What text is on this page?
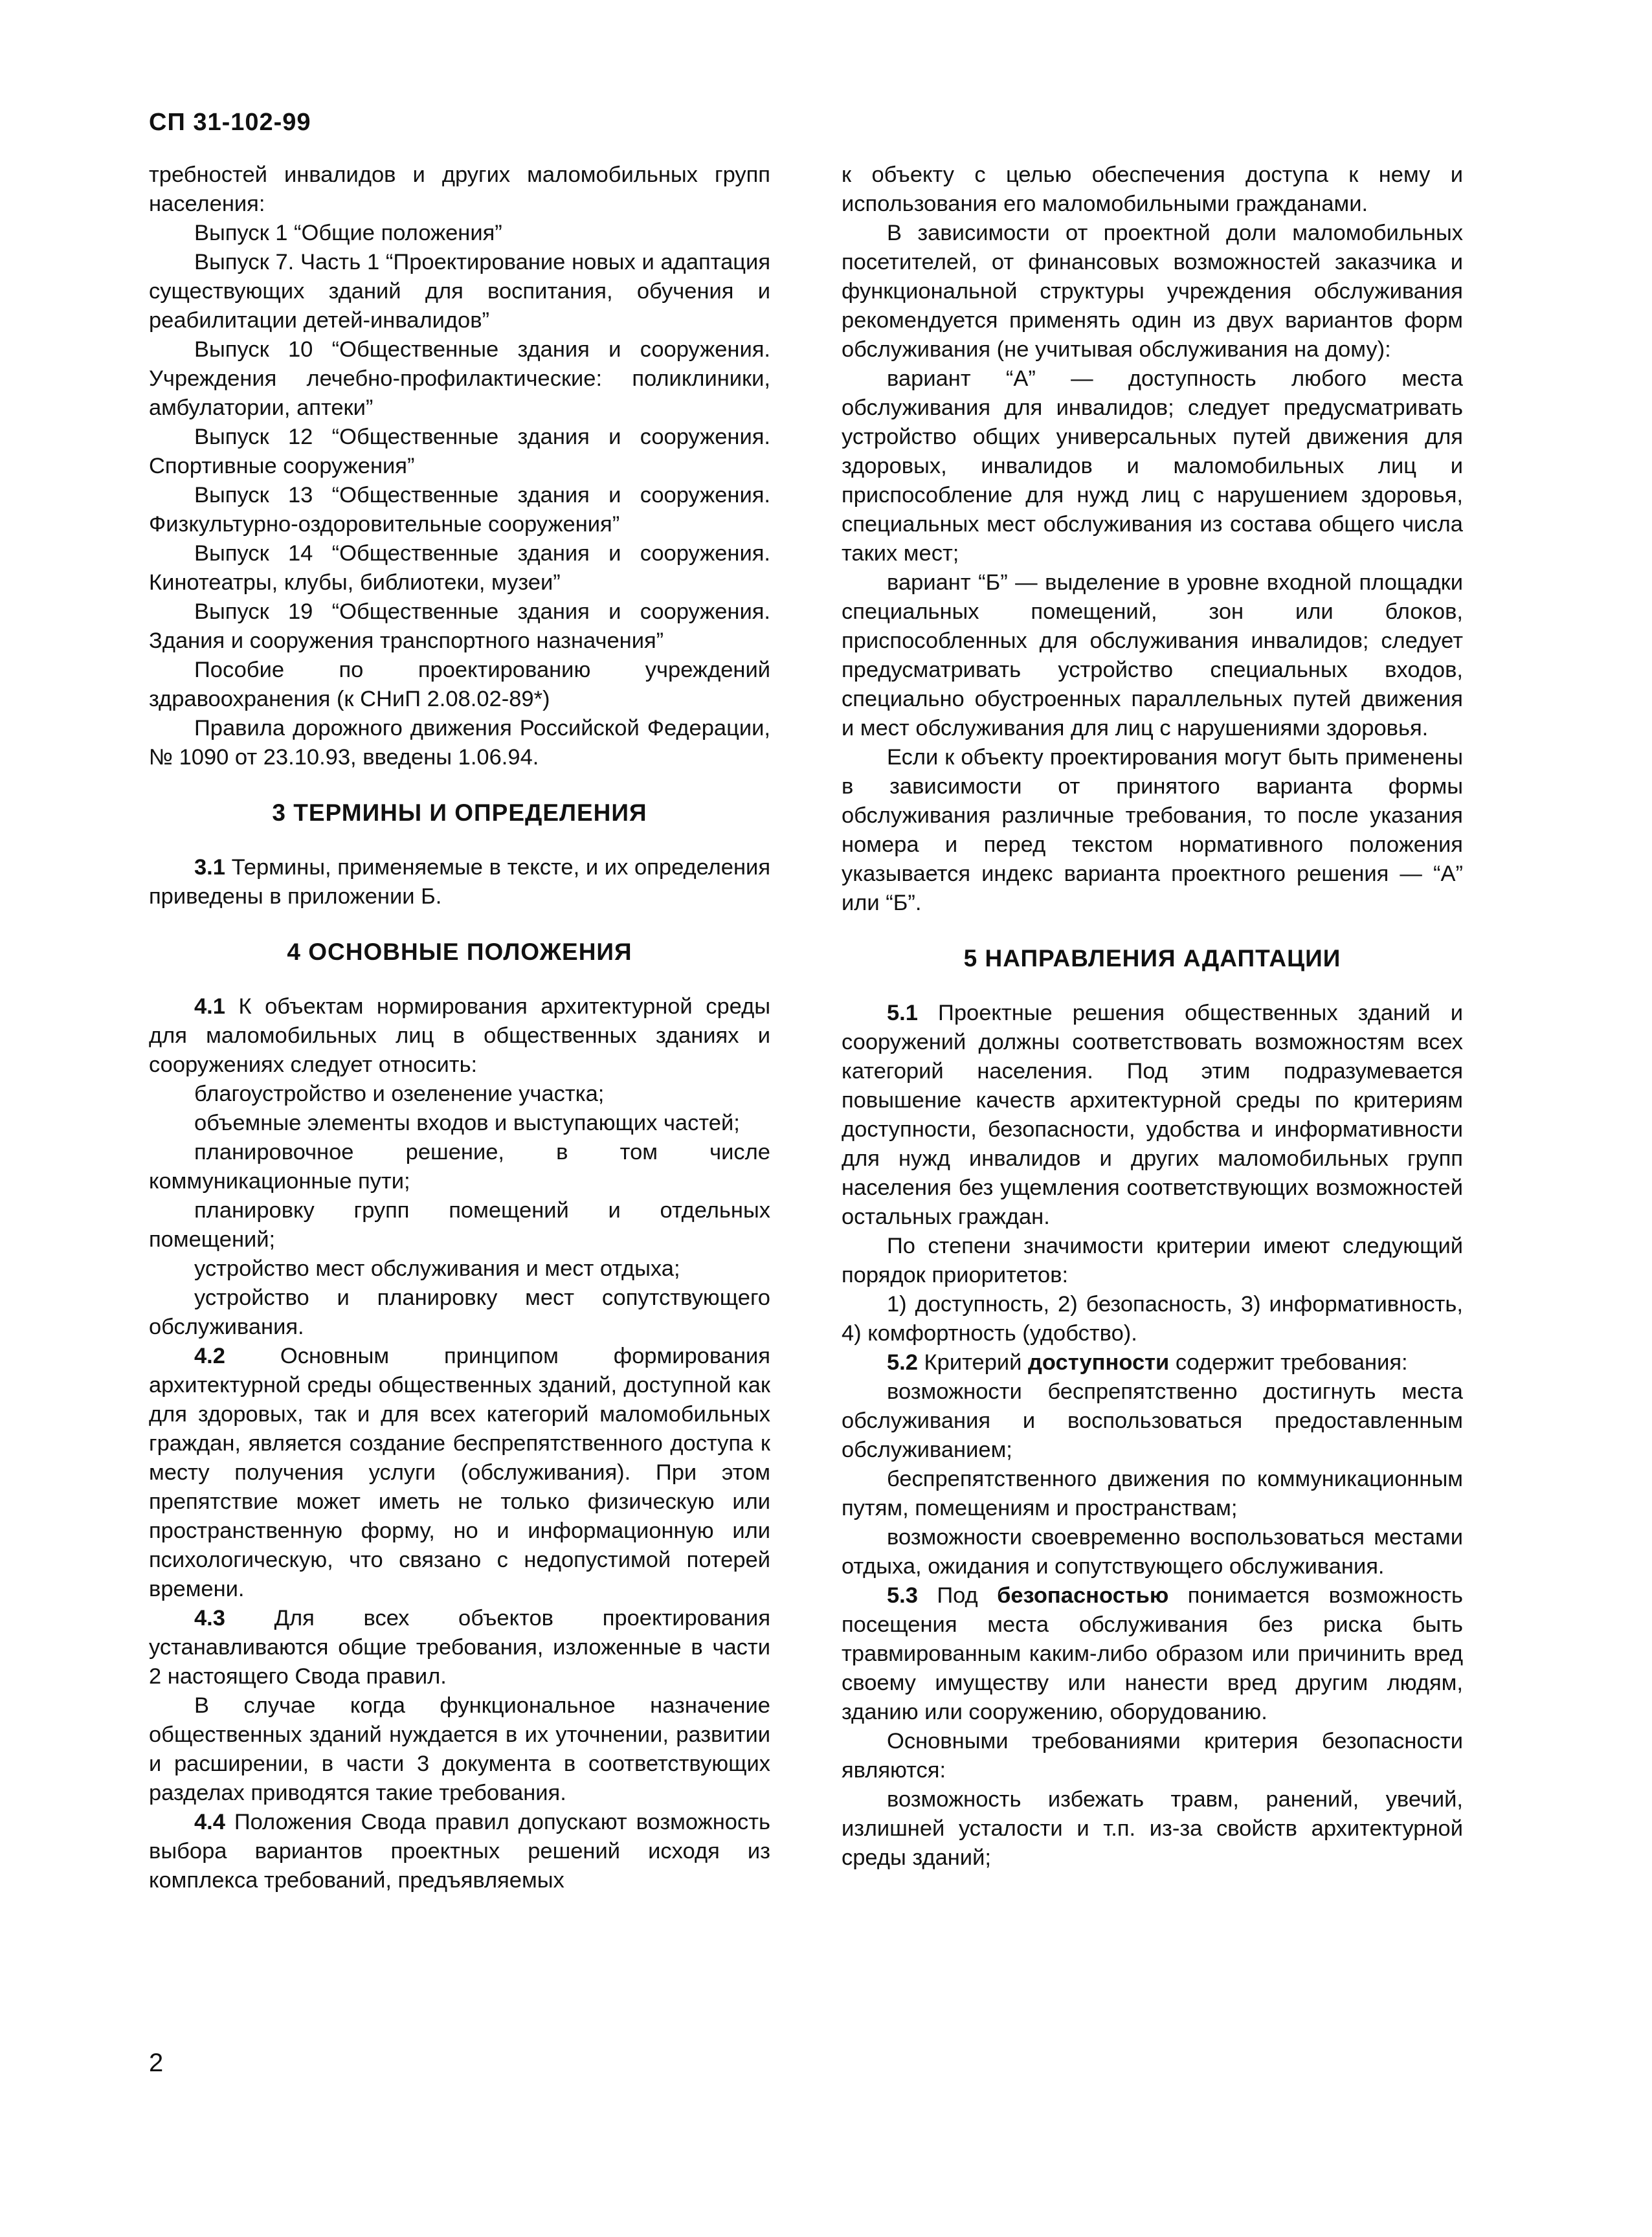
СП 31-102-99

требностей инвалидов и других маломобильных групп населения:

Выпуск 1 “Общие положения”

Выпуск 7. Часть 1 “Проектирование новых и адаптация существующих зданий для воспитания, обучения и реабилитации детей-инвалидов”

Выпуск 10 “Общественные здания и сооружения. Учреждения лечебно-профилактические: поликлиники, амбулатории, аптеки”

Выпуск 12 “Общественные здания и сооружения. Спортивные сооружения”

Выпуск 13 “Общественные здания и сооружения. Физкультурно-оздоровительные сооружения”

Выпуск 14 “Общественные здания и сооружения. Кинотеатры, клубы, библиотеки, музеи”

Выпуск 19 “Общественные здания и сооружения. Здания и сооружения транспортного назначения”

Пособие по проектированию учреждений здравоохранения (к СНиП 2.08.02-89*)

Правила дорожного движения Российской Федерации, № 1090 от 23.10.93, введены 1.06.94.

3 ТЕРМИНЫ И ОПРЕДЕЛЕНИЯ

3.1 Термины, применяемые в тексте, и их определения приведены в приложении Б.

4 ОСНОВНЫЕ ПОЛОЖЕНИЯ

4.1 К объектам нормирования архитектурной среды для маломобильных лиц в общественных зданиях и сооружениях следует относить:

благоустройство и озеленение участка;

объемные элементы входов и выступающих частей;

планировочное решение, в том числе коммуникационные пути;

планировку групп помещений и отдельных помещений;

устройство мест обслуживания и мест отдыха;

устройство и планировку мест сопутствующего обслуживания.

4.2 Основным принципом формирования архитектурной среды общественных зданий, доступной как для здоровых, так и для всех категорий маломобильных граждан, является создание беспрепятственного доступа к месту получения услуги (обслуживания). При этом препятствие может иметь не только физическую или пространственную форму, но и информационную или психологическую, что связано с недопустимой потерей времени.

4.3 Для всех объектов проектирования устанавливаются общие требования, изложенные в части 2 настоящего Свода правил.

В случае когда функциональное назначение общественных зданий нуждается в их уточнении, развитии и расширении, в части 3 документа в соответствующих разделах приводятся такие требования.

4.4 Положения Свода правил допускают возможность выбора вариантов проектных решений исходя из комплекса требований, предъявляемых

к объекту с целью обеспечения доступа к нему и использования его маломобильными гражданами.

В зависимости от проектной доли маломобильных посетителей, от финансовых возможностей заказчика и функциональной структуры учреждения обслуживания рекомендуется применять один из двух вариантов форм обслуживания (не учитывая обслуживания на дому):

вариант “А” — доступность любого места обслуживания для инвалидов; следует предусматривать устройство общих универсальных путей движения для здоровых, инвалидов и маломобильных лиц и приспособление для нужд лиц с нарушением здоровья, специальных мест обслуживания из состава общего числа таких мест;

вариант “Б” — выделение в уровне входной площадки специальных помещений, зон или блоков, приспособленных для обслуживания инвалидов; следует предусматривать устройство специальных входов, специально обустроенных параллельных путей движения и мест обслуживания для лиц с нарушениями здоровья.

Если к объекту проектирования могут быть применены в зависимости от принятого варианта формы обслуживания различные требования, то после указания номера и перед текстом нормативного положения указывается индекс варианта проектного решения — “А” или “Б”.

5 НАПРАВЛЕНИЯ АДАПТАЦИИ

5.1 Проектные решения общественных зданий и сооружений должны соответствовать возможностям всех категорий населения. Под этим подразумевается повышение качеств архитектурной среды по критериям доступности, безопасности, удобства и информативности для нужд инвалидов и других маломобильных групп населения без ущемления соответствующих возможностей остальных граждан.

По степени значимости критерии имеют следующий порядок приоритетов:

1) доступность, 2) безопасность, 3) информативность, 4) комфортность (удобство).

5.2 Критерий доступности содержит требования:

возможности беспрепятственно достигнуть места обслуживания и воспользоваться предоставленным обслуживанием;

беспрепятственного движения по коммуникационным путям, помещениям и пространствам;

возможности своевременно воспользоваться местами отдыха, ожидания и сопутствующего обслуживания.

5.3 Под безопасностью понимается возможность посещения места обслуживания без риска быть травмированным каким-либо образом или причинить вред своему имуществу или нанести вред другим людям, зданию или сооружению, оборудованию.

Основными требованиями критерия безопасности являются:

возможность избежать травм, ранений, увечий, излишней усталости и т.п. из-за свойств архитектурной среды зданий;

2
